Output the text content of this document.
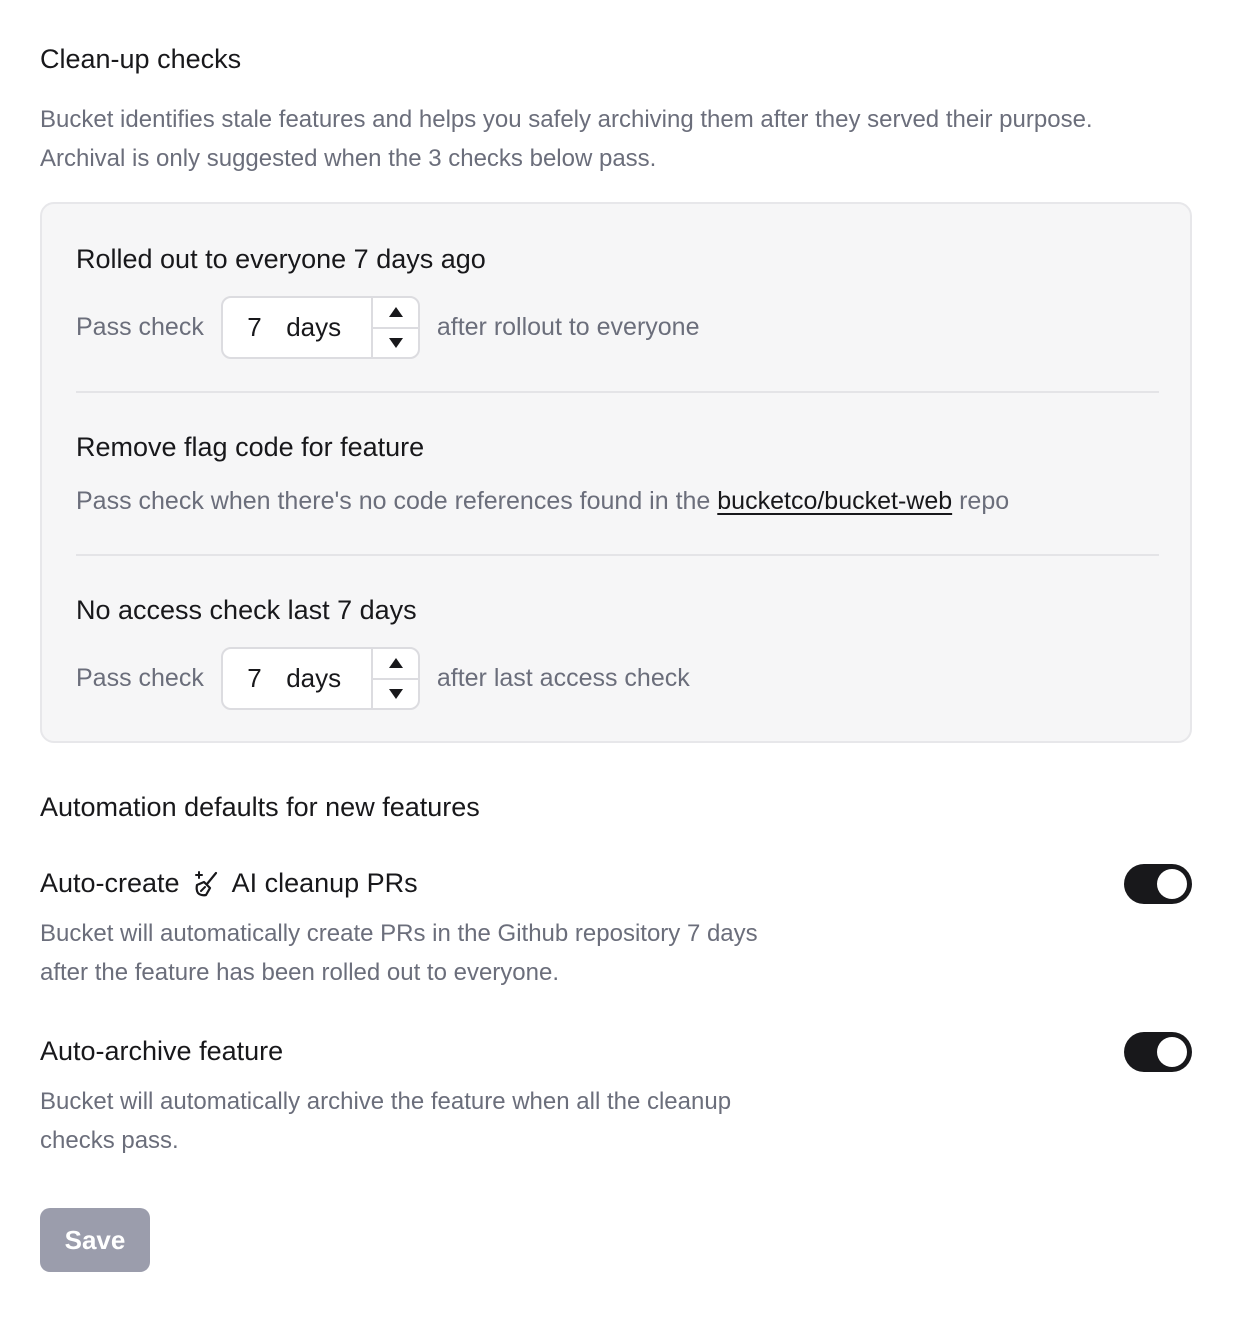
Clean-up checks
Bucket identifies stale features and helps you safely archiving them after they served their purpose. Archival is only suggested when the 3 checks below pass.
Rolled out to everyone 7 days ago
Pass check	7 days	after rollout to everyone
Remove flag code for feature
Pass check when there's no code references found in the bucketco/bucket-web repo
No access check last 7 days
Pass check	7 days	after last access check
Automation defaults for new features
Auto-create AI cleanup PRs
Bucket will automatically create PRs in the Github repository 7 days after the feature has been rolled out to everyone.
Auto-archive feature
Bucket will automatically archive the feature when all the cleanup checks pass.
Save
